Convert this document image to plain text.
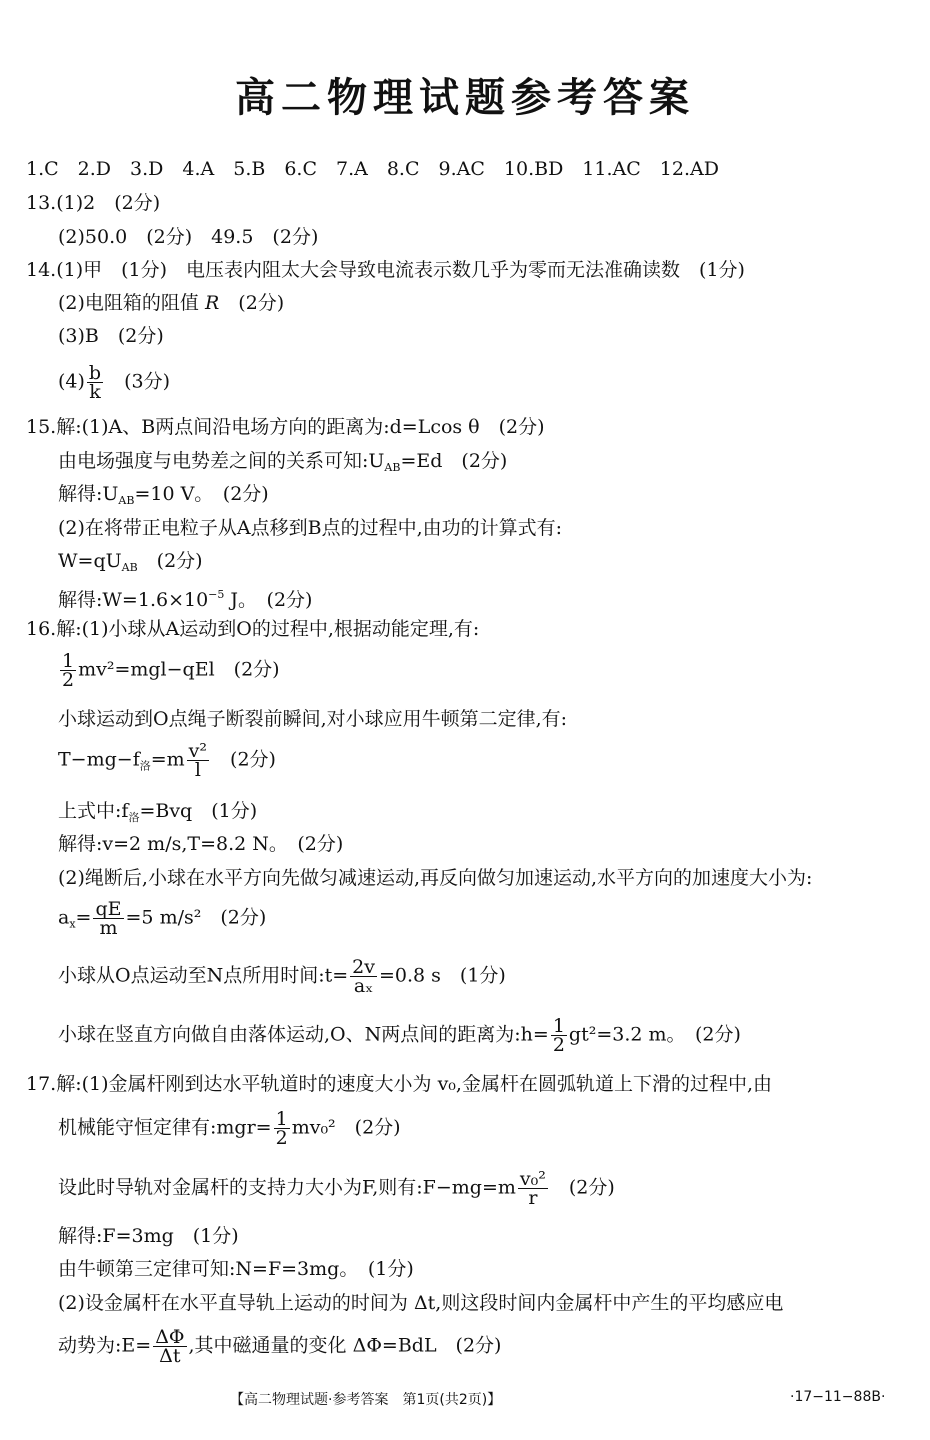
高二物理试题参考答案
1.C　2.D　3.D　4.A　5.B　6.C　7.A　8.C　9.AC　10.BD　11.AC　12.AD
13.(1)2　(2分)
(2)50.0　(2分)　49.5　(2分)
14.(1)甲　(1分)　电压表内阻太大会导致电流表示数几乎为零而无法准确读数　(1分)
(2)电阻箱的阻值 R　(2分)
(3)B　(2分)
$(4) \frac{b}{k}$ 　(3分)
15.解:(1)A、B两点间沿电场方向的距离为:d=Lcos θ　(2分)
由电场强度与电势差之间的关系可知$:U_{AB}=Ed$　(2分)
解得$:U_{AB}=10$ V。　(2分)
(2)在将带正电粒子从A点移到B点的过程中,由功的计算式有:
$W=qU_{AB}$　(2分)
解得$:W=1.6\times 10^{-5}$ J。　(2分)
16.解:(1)小球从A运动到O的过程中,根据动能定理,有:
$\frac{1}{2} mv^2=mgl-qEl$　(2分)
小球运动到O点绳子断裂前瞬间,对小球应用牛顿第二定律,有:
$T-mg-f_洛=m \frac{\text{v²}}{l}$ 　(2分)
上式中$:f_洛=Bvq$　(1分)
解得:v=2 m/s,T=8.2 N。　(2分)
(2)绳断后,小球在水平方向先做匀减速运动,再反向做匀加速运动,水平方向的加速度大小为:
$a_x= \frac{qE}{m} =5$ m/s²　(2分)
小球从O点运动至N点所用时间:t= $\frac{2v}{\text{aₓ}} =0.8$ s　(1分)
小球在竖直方向做自由落体运动,O、N两点间的距离为:h= $\frac{1}{2} gt^2=3.2$ m。　(2分)
17.解:(1)金属杆刚到达水平轨道时的速度大小为 v₀,金属杆在圆弧轨道上下滑的过程中,由
机械能守恒定律有:mgr= $\frac{1}{2} mv_0^2$　(2分)
设此时导轨对金属杆的支持力大小为F,则有:F−mg=m $\frac{\text{v₀²}}{r}$ 　(2分)
解得:F=3mg　(1分)
由牛顿第三定律可知:N=F=3mg。　(1分)
(2)设金属杆在水平直导轨上运动的时间为 Δt,则这段时间内金属杆中产生的平均感应电
动势为:E= $\frac{\Delta\Phi}{\Delta t}$ ,其中磁通量的变化 ΔΦ=BdL　(2分)
【高二物理试题·参考答案　第1页(共2页)】	·17−11−88B·
